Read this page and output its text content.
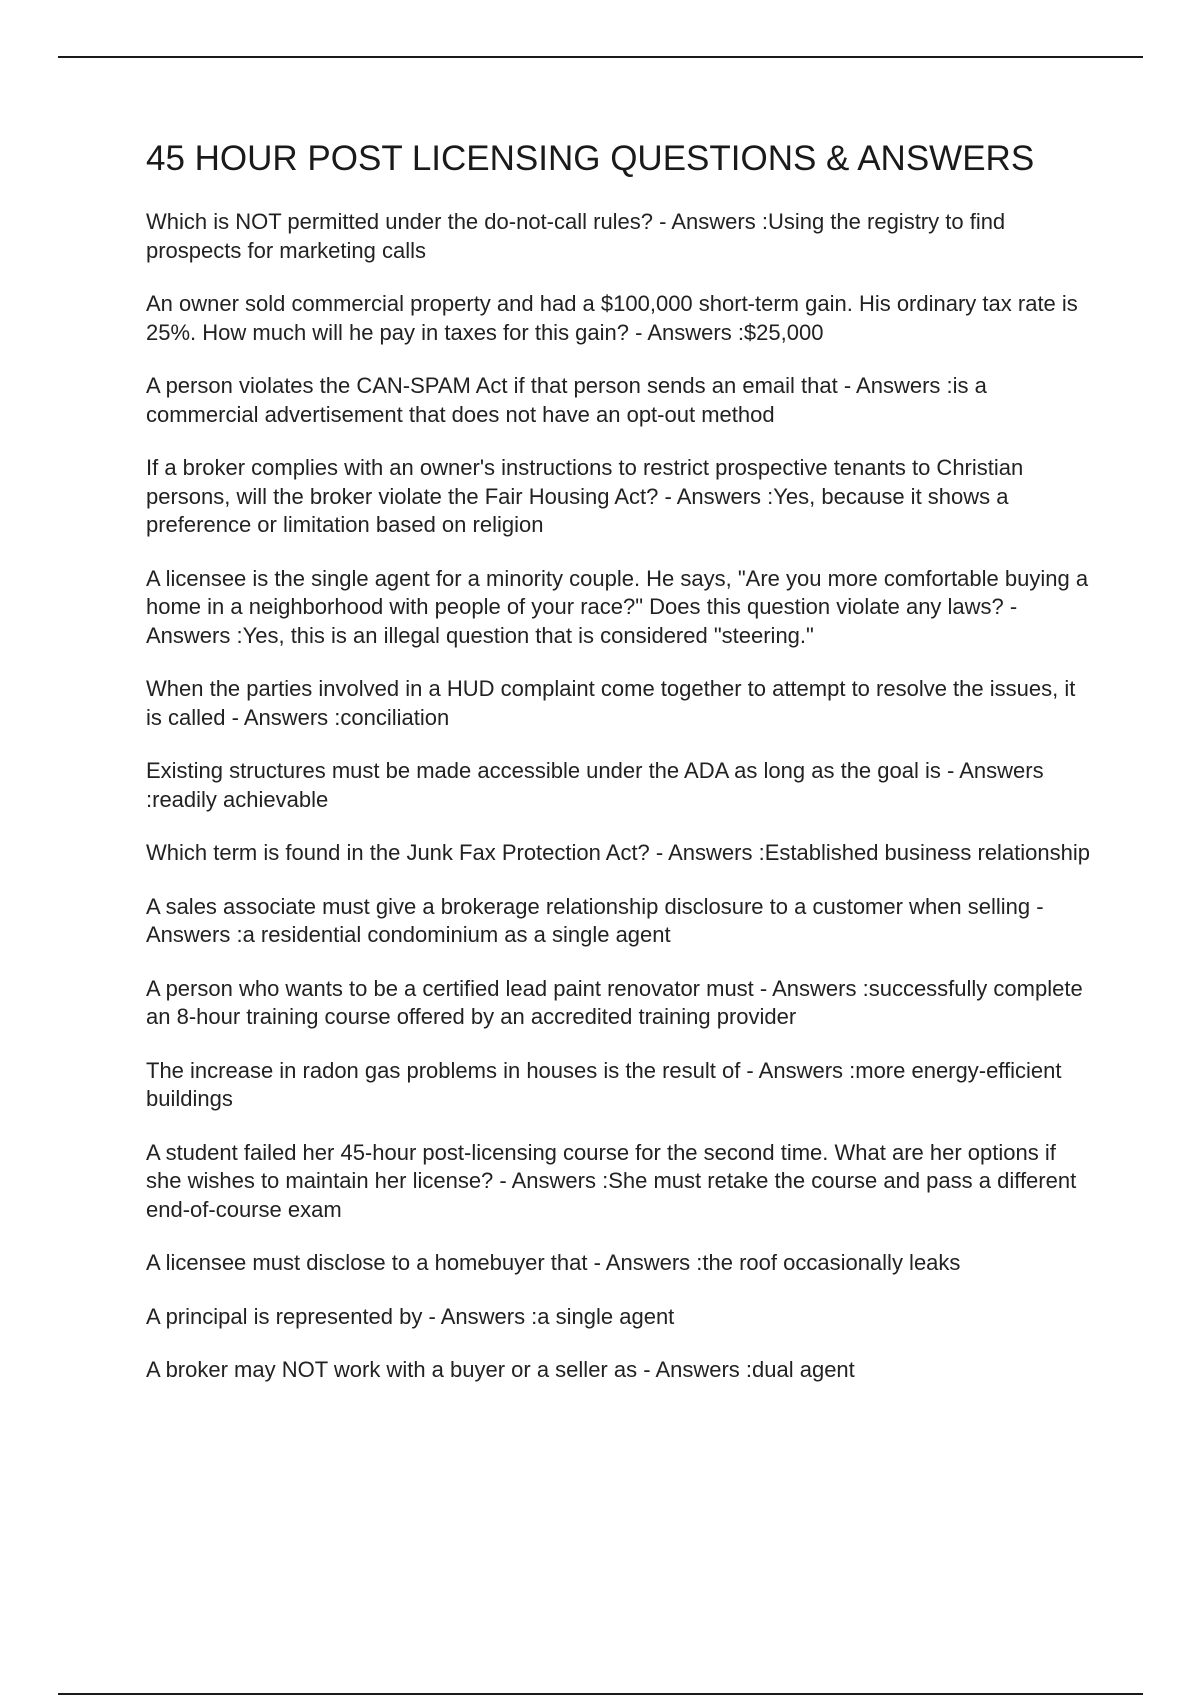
45 HOUR POST LICENSING QUESTIONS & ANSWERS
Which is NOT permitted under the do-not-call rules? - Answers :Using the registry to find prospects for marketing calls
An owner sold commercial property and had a $100,000 short-term gain. His ordinary tax rate is 25%. How much will he pay in taxes for this gain? - Answers :$25,000
A person violates the CAN-SPAM Act if that person sends an email that - Answers :is a commercial advertisement that does not have an opt-out method
If a broker complies with an owner's instructions to restrict prospective tenants to Christian persons, will the broker violate the Fair Housing Act? - Answers :Yes, because it shows a preference or limitation based on religion
A licensee is the single agent for a minority couple. He says, "Are you more comfortable buying a home in a neighborhood with people of your race?" Does this question violate any laws? - Answers :Yes, this is an illegal question that is considered "steering."
When the parties involved in a HUD complaint come together to attempt to resolve the issues, it is called - Answers :conciliation
Existing structures must be made accessible under the ADA as long as the goal is - Answers :readily achievable
Which term is found in the Junk Fax Protection Act? - Answers :Established business relationship
A sales associate must give a brokerage relationship disclosure to a customer when selling - Answers :a residential condominium as a single agent
A person who wants to be a certified lead paint renovator must - Answers :successfully complete an 8-hour training course offered by an accredited training provider
The increase in radon gas problems in houses is the result of - Answers :more energy-efficient buildings
A student failed her 45-hour post-licensing course for the second time. What are her options if she wishes to maintain her license? - Answers :She must retake the course and pass a different end-of-course exam
A licensee must disclose to a homebuyer that - Answers :the roof occasionally leaks
A principal is represented by - Answers :a single agent
A broker may NOT work with a buyer or a seller as - Answers :dual agent
